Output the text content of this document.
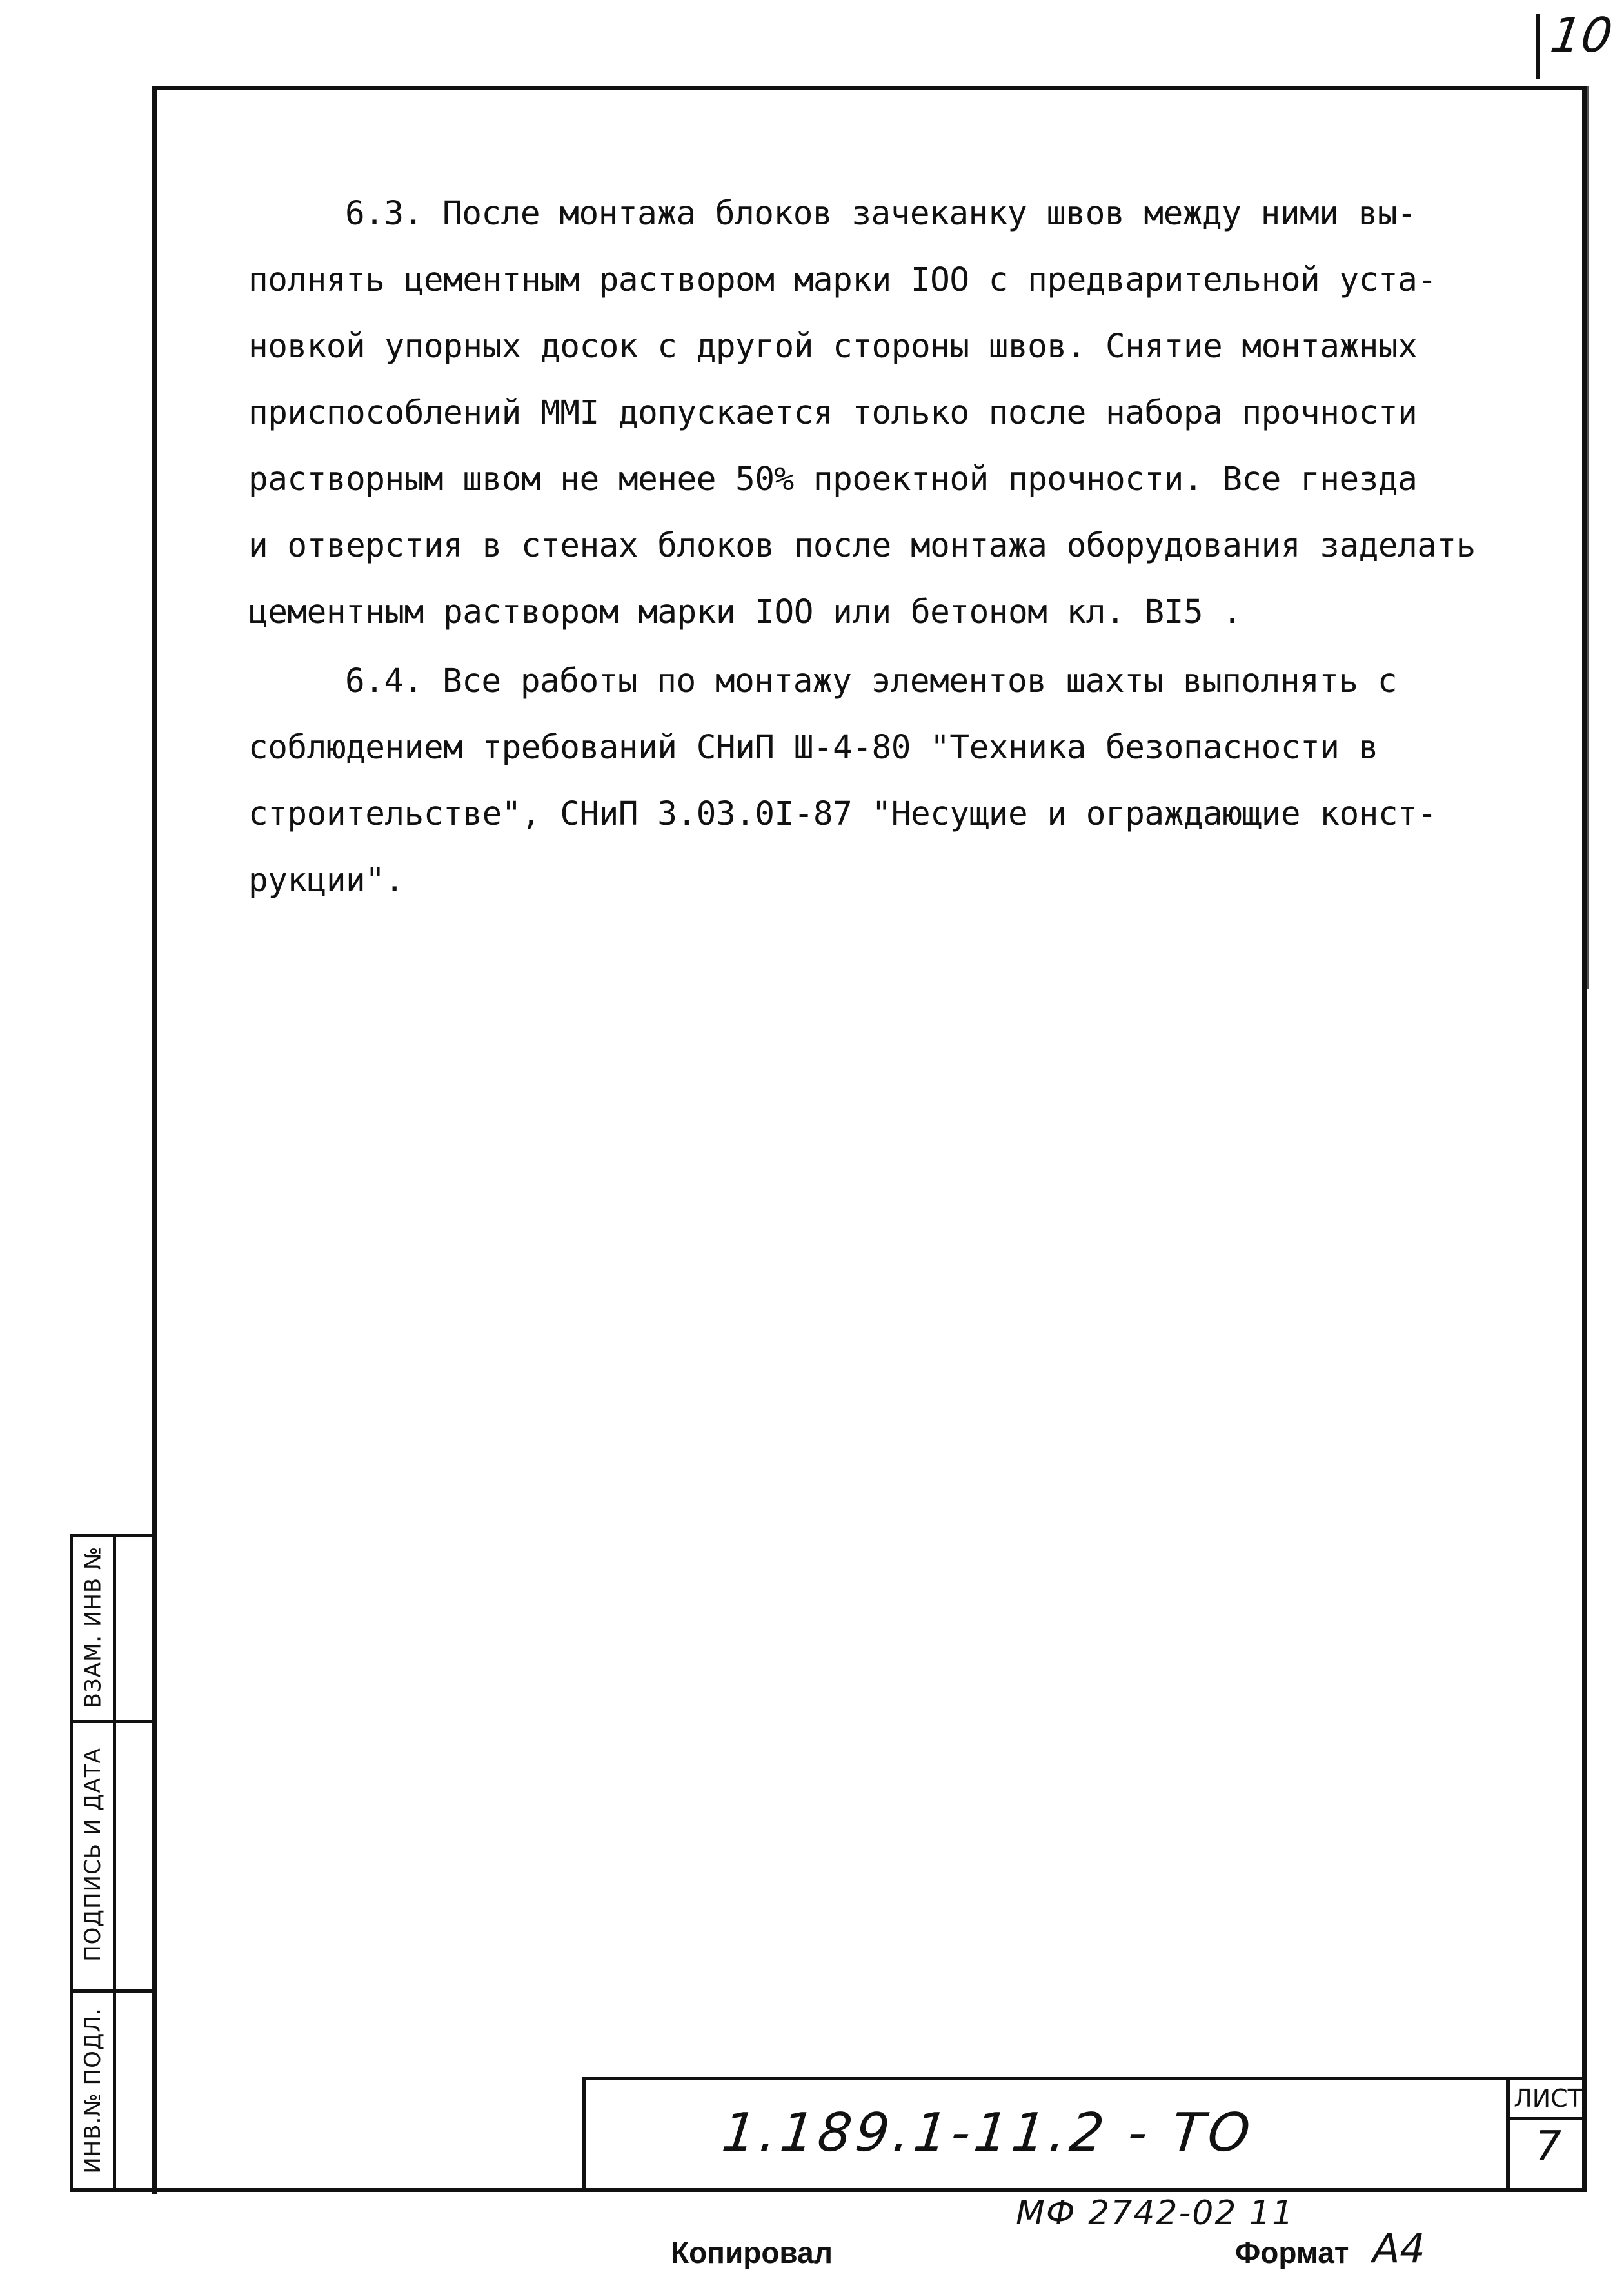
10

6.3. После монтажа блоков зачеканку швов между ними вы-
полнять цементным раствором марки IOO с предварительной уста-
новкой упорных досок с другой стороны швов. Снятие монтажных
приспособлений ММI допускается только после набора прочности
растворным швом не менее 50% проектной прочности. Все гнезда
и отверстия в стенах блоков после монтажа оборудования заделать
цементным раствором марки IOO или бетоном кл. BI5 .

6.4. Все работы по монтажу элементов шахты выполнять с
соблюдением требований СНиП Ш-4-80 "Техника безопасности в
строительстве", СНиП 3.03.0I-87 "Несущие и ограждающие конст-
рукции".

ВЗАМ. ИНВ №
ПОДПИСЬ И ДАТА
ИНВ.№ ПОДЛ.	1.189.1-11.2 - ТО
ЛИСТ
7
МФ 2742-02 11
Копировал	Формат А4
